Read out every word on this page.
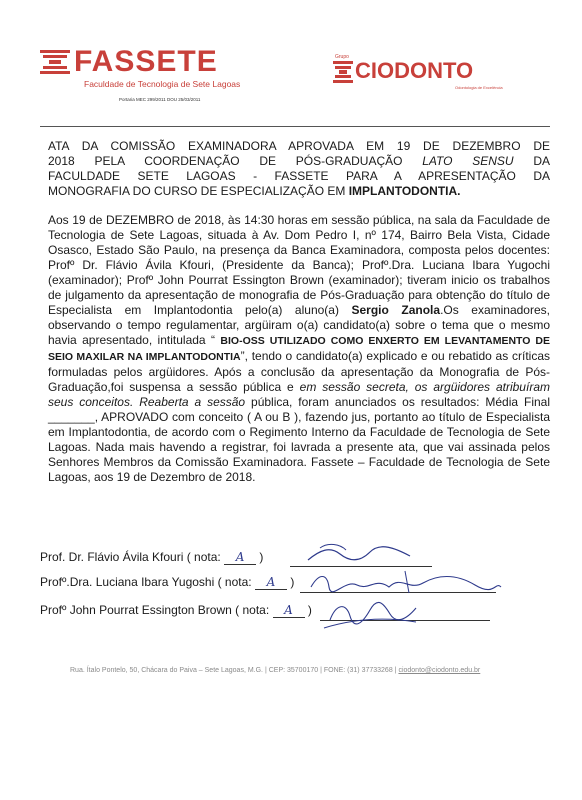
FASSETE
Faculdade de Tecnologia de Sete Lagoas
Portaria MEC 299/2011 DOU 25/03/2011
Grupo
CIODONTO
Odontologia de Excelência

ATA DA COMISSÃO EXAMINADORA APROVADA EM 19 DE DEZEMBRO DE

2018 PELA COORDENAÇÃO DE PÓS-GRADUAÇÃO LATO SENSU DA

FACULDADE SETE LAGOAS - FASSETE PARA A APRESENTAÇÃO DA

MONOGRAFIA DO CURSO DE ESPECIALIZAÇÃO EM IMPLANTODONTIA.

Aos 19 de DEZEMBRO de 2018, às 14:30 horas em sessão pública, na sala da Faculdade de Tecnologia de Sete Lagoas, situada à Av. Dom Pedro I, nº 174, Bairro Bela Vista, Cidade Osasco, Estado São Paulo, na presença da Banca Examinadora, composta pelos docentes: Profº Dr. Flávio Ávila Kfouri, (Presidente da Banca); Profº.Dra. Luciana Ibara Yugochi (examinador); Profº John Pourrat Essington Brown (examinador); tiveram inicio os trabalhos de julgamento da apresentação de monografia de Pós-Graduação para obtenção do título de Especialista em Implantodontia pelo(a) aluno(a) Sergio Zanola.Os examinadores, observando o tempo regulamentar, argüiram o(a) candidato(a) sobre o tema que o mesmo havia apresentado, intitulada “ BIO-OSS UTILIZADO COMO ENXERTO EM LEVANTAMENTO DE SEIO MAXILAR NA IMPLANTODONTIA”, tendo o candidato(a) explicado e ou rebatido as críticas formuladas pelos argüidores. Após a conclusão da apresentação da Monografia de Pós-Graduação,foi suspensa a sessão pública e em sessão secreta, os argüidores atribuíram seus conceitos. Reaberta a sessão pública, foram anunciados os resultados: Média Final _______, APROVADO com conceito ( A ou B ), fazendo jus, portanto ao título de Especialista em Implantodontia, de acordo com o Regimento Interno da Faculdade de Tecnologia de Sete Lagoas. Nada mais havendo a registrar, foi lavrada a presente ata, que vai assinada pelos Senhores Membros da Comissão Examinadora. Fassete – Faculdade de Tecnologia de Sete Lagoas, aos 19 de Dezembro de 2018.

Prof. Dr. Flávio Ávila Kfouri ( nota: A )
Profº.Dra. Luciana Ibara Yugoshi ( nota: A )
Profº John Pourrat Essington Brown ( nota: A )
Rua. Ítalo Pontelo, 50, Chácara do Paiva – Sete Lagoas, M.G. | CEP: 35700170 | FONE: (31) 37733268 | ciodonto@ciodonto.edu.br
